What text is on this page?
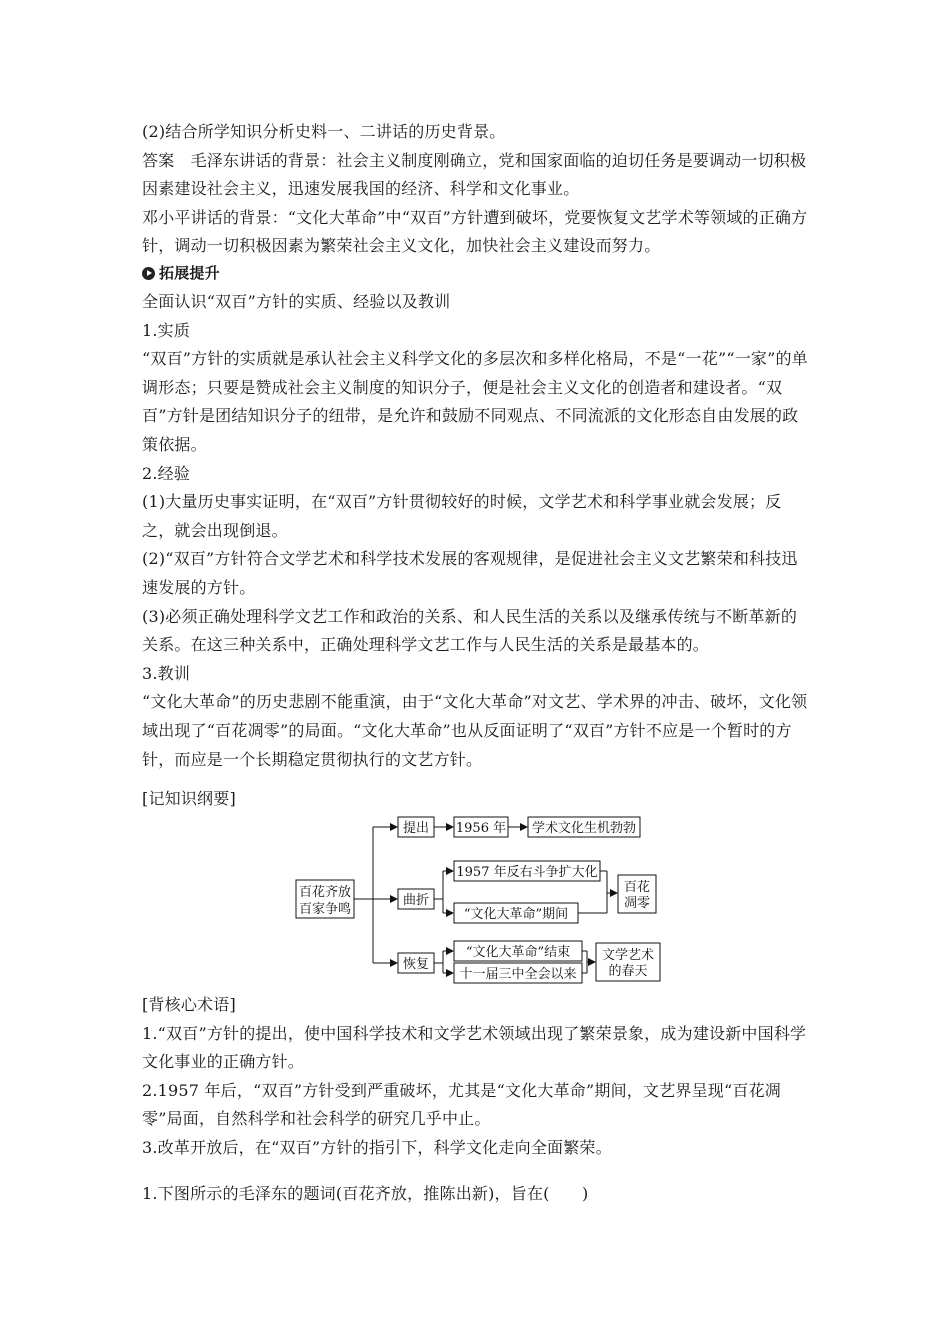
(2)结合所学知识分析史料一、二讲话的历史背景。

答案　 毛泽东讲话的背景：社会主义制度刚确立，党和国家面临的迫切任务是要调动一切积极因素建设社会主义，迅速发展我国的经济、科学和文化事业。

邓小平讲话的背景：“文化大革命”中“双百”方针遭到破坏，党要恢复文艺学术等领域的正确方针，调动一切积极因素为繁荣社会主义文化，加快社会主义建设而努力。

拓展提升

全面认识“双百”方针的实质、经验以及教训

1.实质

“双百”方针的实质就是承认社会主义科学文化的多层次和多样化格局，不是“一花”“一家”的单调形态；只要是赞成社会主义制度的知识分子，便是社会主义文化的创造者和建设者。“双百”方针是团结知识分子的纽带，是允许和鼓励不同观点、不同流派的文化形态自由发展的政策依据。

2.经验

(1)大量历史事实证明，在“双百”方针贯彻较好的时候，文学艺术和科学事业就会发展；反之，就会出现倒退。

(2)“双百”方针符合文学艺术和科学技术发展的客观规律，是促进社会主义文艺繁荣和科技迅速发展的方针。

(3)必须正确处理科学文艺工作和政治的关系、和人民生活的关系以及继承传统与不断革新的关系。在这三种关系中，正确处理科学文艺工作与人民生活的关系是最基本的。

3.教训

“文化大革命”的历史悲剧不能重演，由于“文化大革命”对文艺、学术界的冲击、破坏，文化领域出现了“百花凋零”的局面。“文化大革命”也从反面证明了“双百”方针不应是一个暂时的方针，而应是一个长期稳定贯彻执行的文艺方针。

[记知识纲要]
百花齐放
百家争鸣
提出
曲折
恢复
1956 年 学术文化生机勃勃
1957 年反右斗争扩大化
“文化大革命”期间
百花
凋零
“文化大革命”结束
十一届三中全会以来
文学艺术
的春天

[背核心术语]

1.“双百”方针的提出，使中国科学技术和文学艺术领域出现了繁荣景象，成为建设新中国科学文化事业的正确方针。

2.1957 年后，“双百”方针受到严重破坏，尤其是“文化大革命”期间，文艺界呈现“百花凋零”局面，自然科学和社会科学的研究几乎中止。

3.改革开放后，在“双百”方针的指引下，科学文化走向全面繁荣。

1.下图所示的毛泽东的题词(百花齐放，推陈出新)，旨在(　　)
